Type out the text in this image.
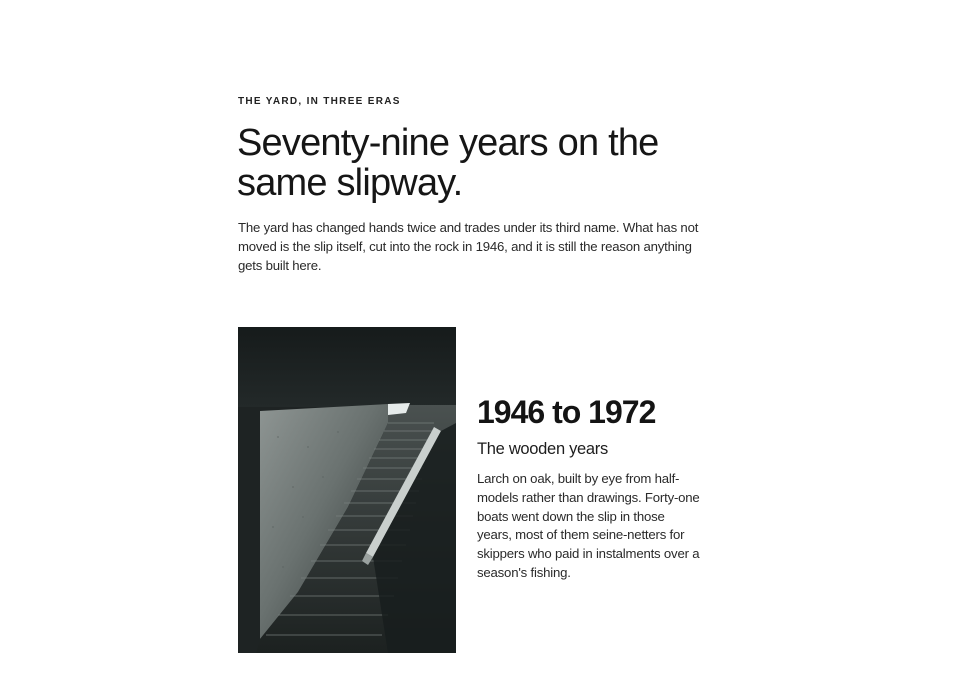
THE YARD, IN THREE ERAS
Seventy-nine years on the same slipway.

The yard has changed hands twice and trades under its third name. What has not moved is the slip itself, cut into the rock in 1946, and it is still the reason anything gets built here.

1946 to 1972
The wooden years

Larch on oak, built by eye from half-models rather than drawings. Forty-one boats went down the slip in those years, most of them seine-netters for skippers who paid in instalments over a season's fishing.
